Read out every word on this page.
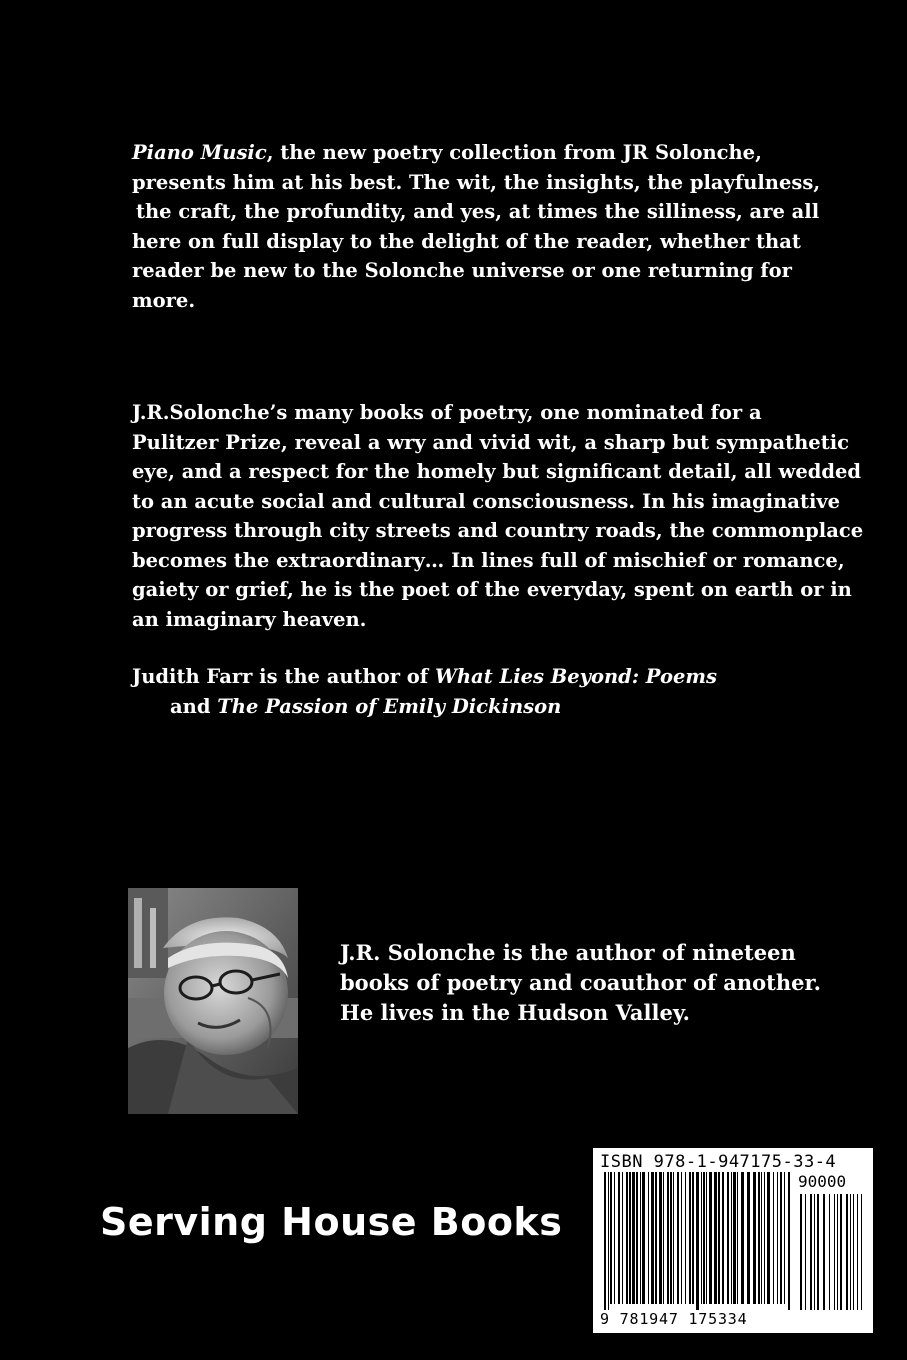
Piano Music, the new poetry collection from JR Solonche,
presents him at his best. The wit, the insights, the playfulness,
the craft, the profundity, and yes, at times the silliness, are all
here on full display to the delight of the reader, whether that
reader be new to the Solonche universe or one returning for
more.
J.R.Solonche’s many books of poetry, one nominated for a
Pulitzer Prize, reveal a wry and vivid wit, a sharp but sympathetic
eye, and a respect for the homely but significant detail, all wedded
to an acute social and cultural consciousness. In his imaginative
progress through city streets and country roads, the commonplace
becomes the extraordinary… In lines full of mischief or romance,
gaiety or grief, he is the poet of the everyday, spent on earth or in
an imaginary heaven.
Judith Farr is the author of What Lies Beyond: Poems
and The Passion of Emily Dickinson
J.R. Solonche is the author of nineteen
books of poetry and coauthor of another.
He lives in the Hudson Valley.
Serving House Books
ISBN 978-1-947175-33-4
90000
9 781947 175334
